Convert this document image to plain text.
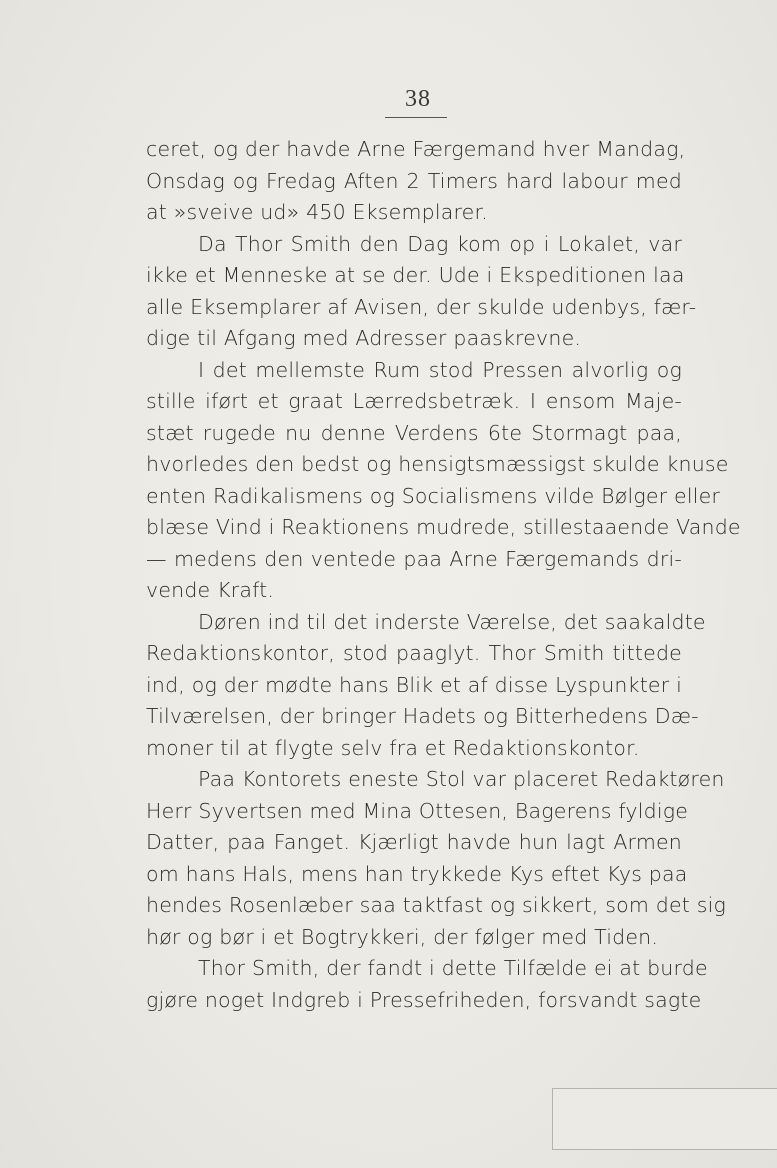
38
ceret, og der havde Arne Færgemand hver Mandag,
Onsdag og Fredag Aften 2 Timers hard labour med
at »sveive ud» 450 Eksemplarer.
Da Thor Smith den Dag kom op i Lokalet, var
ikke et Menneske at se der. Ude i Ekspeditionen laa
alle Eksemplarer af Avisen, der skulde udenbys, fær-
dige til Afgang med Adresser paaskrevne.
I det mellemste Rum stod Pressen alvorlig og
stille iført et graat Lærredsbetræk. I ensom Maje-
stæt rugede nu denne Verdens 6te Stormagt paa,
hvorledes den bedst og hensigtsmæssigst skulde knuse
enten Radikalismens og Socialismens vilde Bølger eller
blæse Vind i Reaktionens mudrede, stillestaaende Vande
— medens den ventede paa Arne Færgemands dri-
vende Kraft.
Døren ind til det inderste Værelse, det saakaldte
Redaktionskontor, stod paaglyt. Thor Smith tittede
ind, og der mødte hans Blik et af disse Lyspunkter i
Tilværelsen, der bringer Hadets og Bitterhedens Dæ-
moner til at flygte selv fra et Redaktionskontor.
Paa Kontorets eneste Stol var placeret Redaktøren
Herr Syvertsen med Mina Ottesen, Bagerens fyldige
Datter, paa Fanget. Kjærligt havde hun lagt Armen
om hans Hals, mens han trykkede Kys eftet Kys paa
hendes Rosenlæber saa taktfast og sikkert, som det sig
hør og bør i et Bogtrykkeri, der følger med Tiden.
Thor Smith, der fandt i dette Tilfælde ei at burde
gjøre noget Indgreb i Pressefriheden, forsvandt sagte
